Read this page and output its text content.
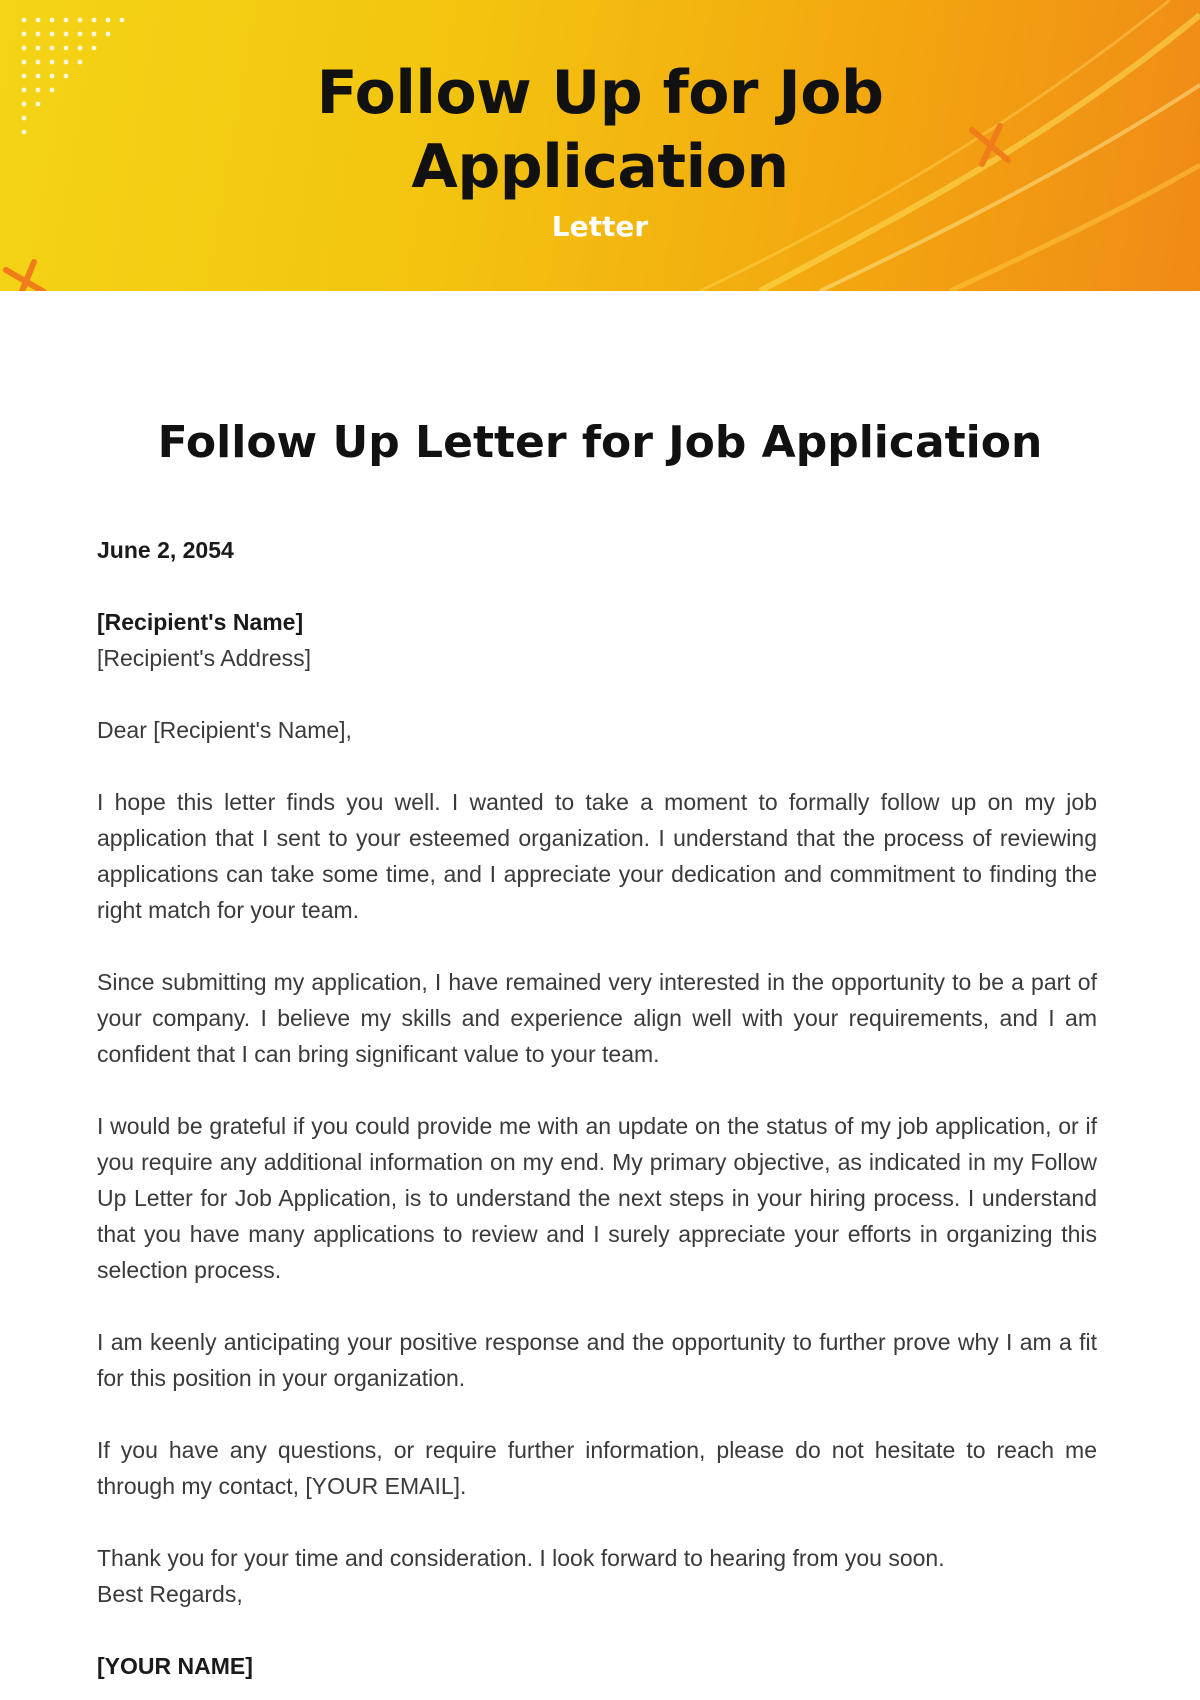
Follow Up for Job Application
Letter
Follow Up Letter for Job Application

June 2, 2054

[Recipient's Name]

[Recipient's Address]

Dear [Recipient's Name],

I hope this letter finds you well. I wanted to take a moment to formally follow up on my job application that I sent to your esteemed organization. I understand that the process of reviewing applications can take some time, and I appreciate your dedication and commitment to finding the right match for your team.

Since submitting my application, I have remained very interested in the opportunity to be a part of your company. I believe my skills and experience align well with your requirements, and I am confident that I can bring significant value to your team.

I would be grateful if you could provide me with an update on the status of my job application, or if you require any additional information on my end. My primary objective, as indicated in my Follow Up Letter for Job Application, is to understand the next steps in your hiring process. I understand that you have many applications to review and I surely appreciate your efforts in organizing this selection process.

I am keenly anticipating your positive response and the opportunity to further prove why I am a fit for this position in your organization.

If you have any questions, or require further information, please do not hesitate to reach me through my contact, [YOUR EMAIL].

Thank you for your time and consideration. I look forward to hearing from you soon.

Best Regards,

[YOUR NAME]
